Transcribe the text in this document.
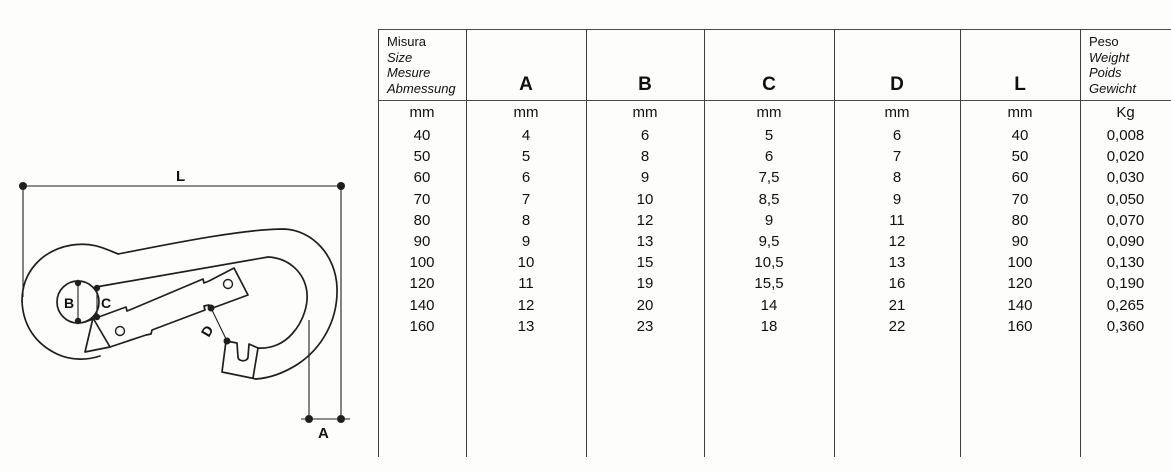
L
A
B C
D
Misura
Size
Mesure
Abmessung
mm
40
50
60
70
80
90
100
120
140
160
A
mm
4
5
6
7
8
9
10
11
12
13
B
mm
6
8
9
10
12
13
15
19
20
23
C
mm
5
6
7,5
8,5
9
9,5
10,5
15,5
14
18
D
mm
6
7
8
9
11
12
13
16
21
22
L
mm
40
50
60
70
80
90
100
120
140
160
Peso
Weight
Poids
Gewicht
Kg
0,008
0,020
0,030
0,050
0,070
0,090
0,130
0,190
0,265
0,360
